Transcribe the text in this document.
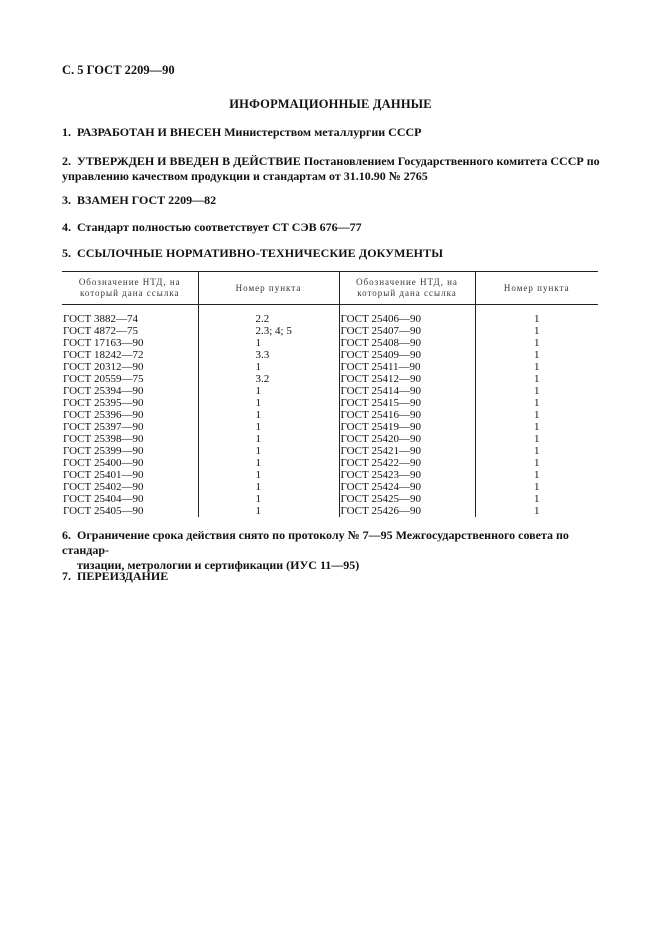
С. 5 ГОСТ 2209—90
ИНФОРМАЦИОННЫЕ ДАННЫЕ
1. РАЗРАБОТАН И ВНЕСЕН Министерством металлургии СССР
2. УТВЕРЖДЕН И ВВЕДЕН В ДЕЙСТВИЕ Постановлением Государственного комитета СССР по
управлению качеством продукции и стандартам от 31.10.90 № 2765
3. ВЗАМЕН ГОСТ 2209—82
4. Стандарт полностью соответствует СТ СЭВ 676—77
5. ССЫЛОЧНЫЕ НОРМАТИВНО-ТЕХНИЧЕСКИЕ ДОКУМЕНТЫ
Обозначение НТД, на
который дана ссылка	Номер пункта	Обозначение НТД, на
который дана ссылка	Номер пункта

ГОСТ 3882—74	2.2	ГОСТ 25406—90	1
ГОСТ 4872—75	2.3; 4; 5	ГОСТ 25407—90	1
ГОСТ 17163—90	1	ГОСТ 25408—90	1
ГОСТ 18242—72	3.3	ГОСТ 25409—90	1
ГОСТ 20312—90	1	ГОСТ 25411—90	1
ГОСТ 20559—75	3.2	ГОСТ 25412—90	1
ГОСТ 25394—90	1	ГОСТ 25414—90	1
ГОСТ 25395—90	1	ГОСТ 25415—90	1
ГОСТ 25396—90	1	ГОСТ 25416—90	1
ГОСТ 25397—90	1	ГОСТ 25419—90	1
ГОСТ 25398—90	1	ГОСТ 25420—90	1
ГОСТ 25399—90	1	ГОСТ 25421—90	1
ГОСТ 25400—90	1	ГОСТ 25422—90	1
ГОСТ 25401—90	1	ГОСТ 25423—90	1
ГОСТ 25402—90	1	ГОСТ 25424—90	1
ГОСТ 25404—90	1	ГОСТ 25425—90	1
ГОСТ 25405—90	1	ГОСТ 25426—90	1
6. Ограничение срока действия снято по протоколу № 7—95 Межгосударственного совета по стандар-
тизации, метрологии и сертификации (ИУС 11—95)
7. ПЕРЕИЗДАНИЕ
